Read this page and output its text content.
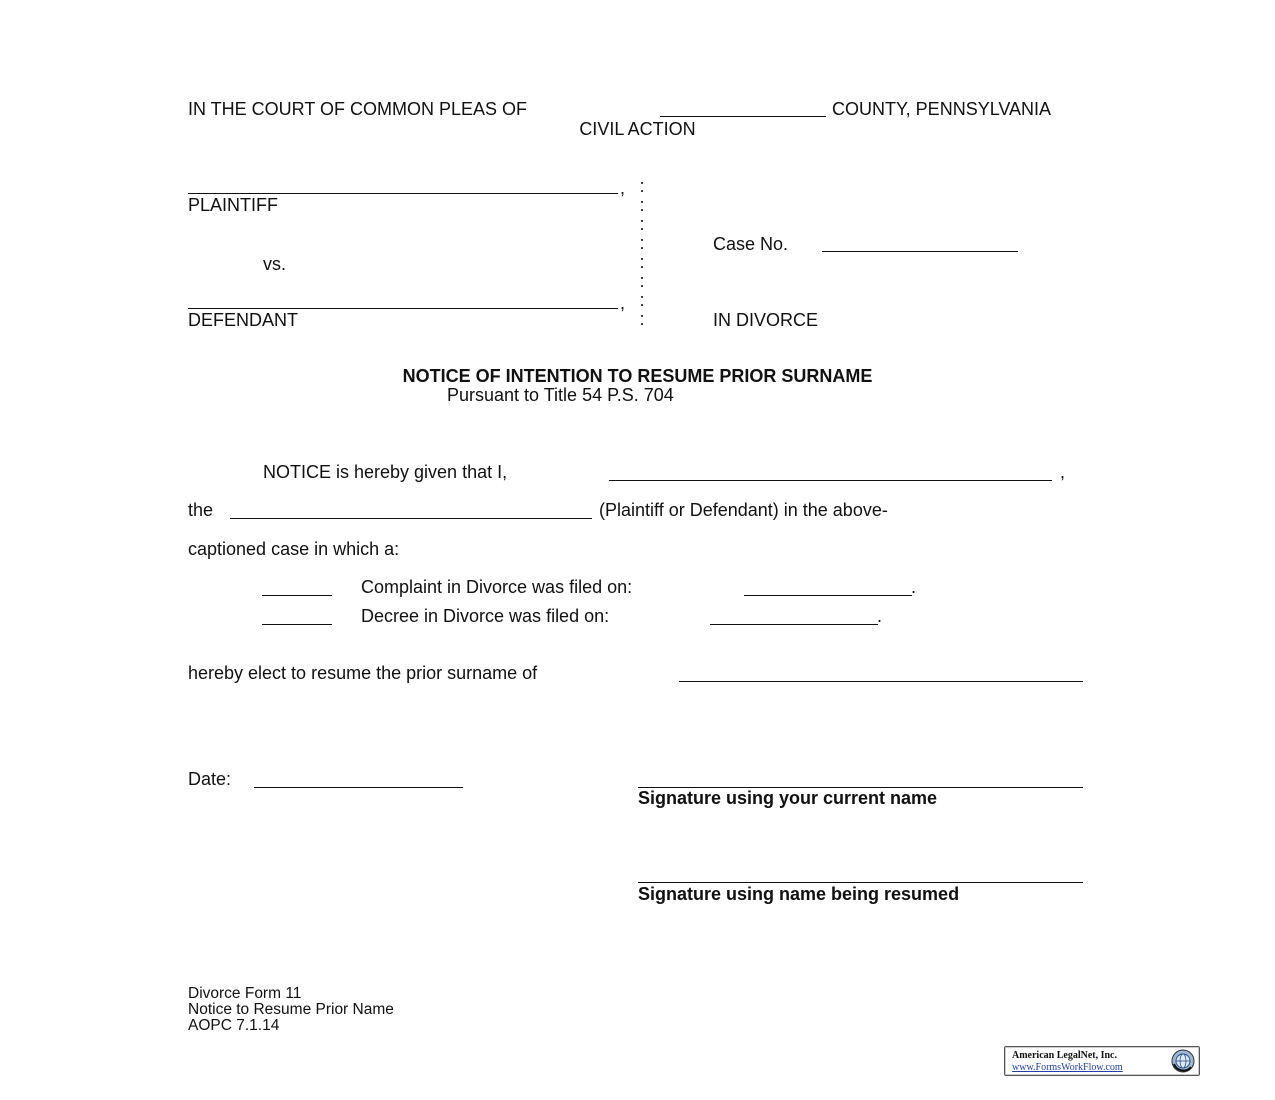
IN THE COURT OF COMMON PLEAS OF	COUNTY, PENNSYLVANIA
CIVIL ACTION
,
PLAINTIFF
vs.
,
DEFENDANT
:
:
:
:
:
:
:
:
Case No.
IN DIVORCE
NOTICE OF INTENTION TO RESUME PRIOR SURNAME
Pursuant to Title 54 P.S. 704
NOTICE is hereby given that I,	,
the	(Plaintiff or Defendant) in the above-
captioned case in which a:
Complaint in Divorce was filed on:	.
Decree in Divorce was filed on:	.
hereby elect to resume the prior surname of
Date:
Signature using your current name
Signature using name being resumed
Divorce Form 11
Notice to Resume Prior Name
AOPC 7.1.14
American LegalNet, Inc.
www.FormsWorkFlow.com
